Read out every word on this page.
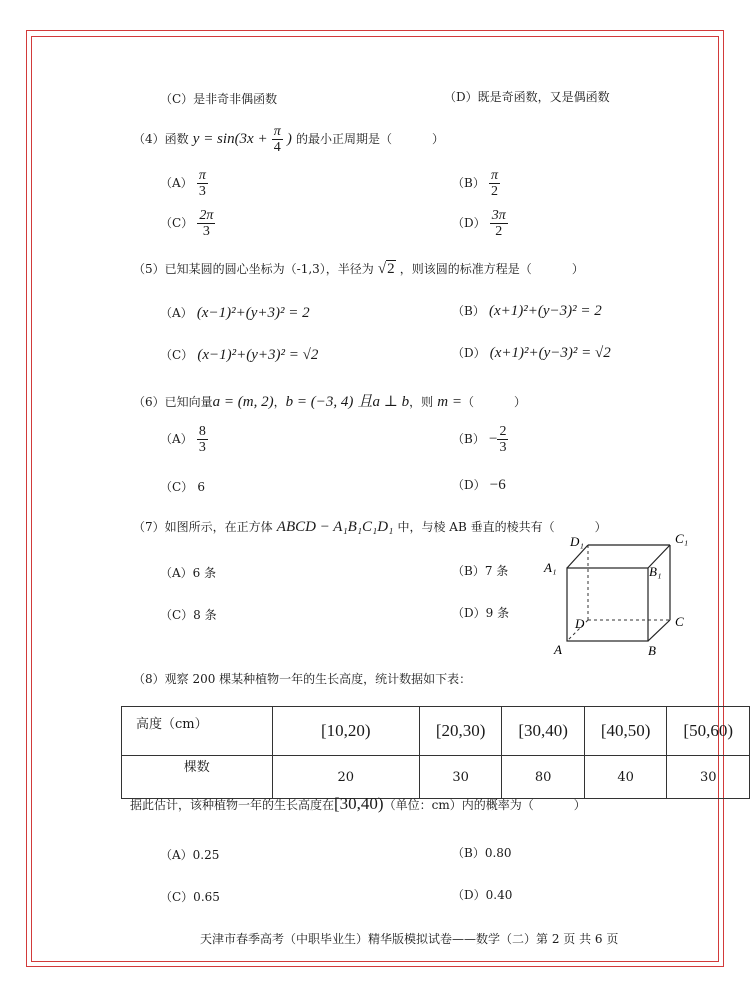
（C）是非奇非偶函数	（D）既是奇函数，又是偶函数
（4）函数 $y = \sin(3x + \frac{\pi}{4}$ ) 的最小正周期是（	）
$(A) \frac{\pi}{3}$	$(B) \frac{\pi}{2}$
$(C) \frac{2\pi}{3}$	$(D) \frac{3\pi}{2}$
（5）已知某圆的圆心坐标为（-1,3），半径为 √2 ，则该圆的标准方程是（	）
（A） (x−1)²+(y+3)² = 2	（B） (x+1)²+(y−3)² = 2
（C） (x−1)²+(y+3)² = √2	（D） (x+1)²+(y−3)² = √2
（6）已知向量a = (m, 2)，b = (−3, 4) 且a ⊥ b，则 m =（	）
$(A) \frac{8}{3}$	$(B) - \frac{2}{3}$
（C） 6	（D） −6
（7）如图所示，在正方体 ABCD − A₁B₁C₁D₁ 中，与棱 AB 垂直的棱共有（	）
（A）6 条	（B）7 条
（C）8 条	（D）9 条
D₁	C₁
A₁	B₁
D	C
A	B
（8）观察 200 棵某种植物一年的生长高度，统计数据如下表：
高度（cm）	[10,20)	[20,30)	[30,40)	[40,50)	[50,60)
棵数	20	30	80	40	30
据此估计，该种植物一年的生长高度在[30,40)（单位：cm）内的概率为（	）
（A）0.25	（B）0.80
（C）0.65	（D）0.40
天津市春季高考（中职毕业生）精华版模拟试卷——数学（二）第 2 页 共 6 页
